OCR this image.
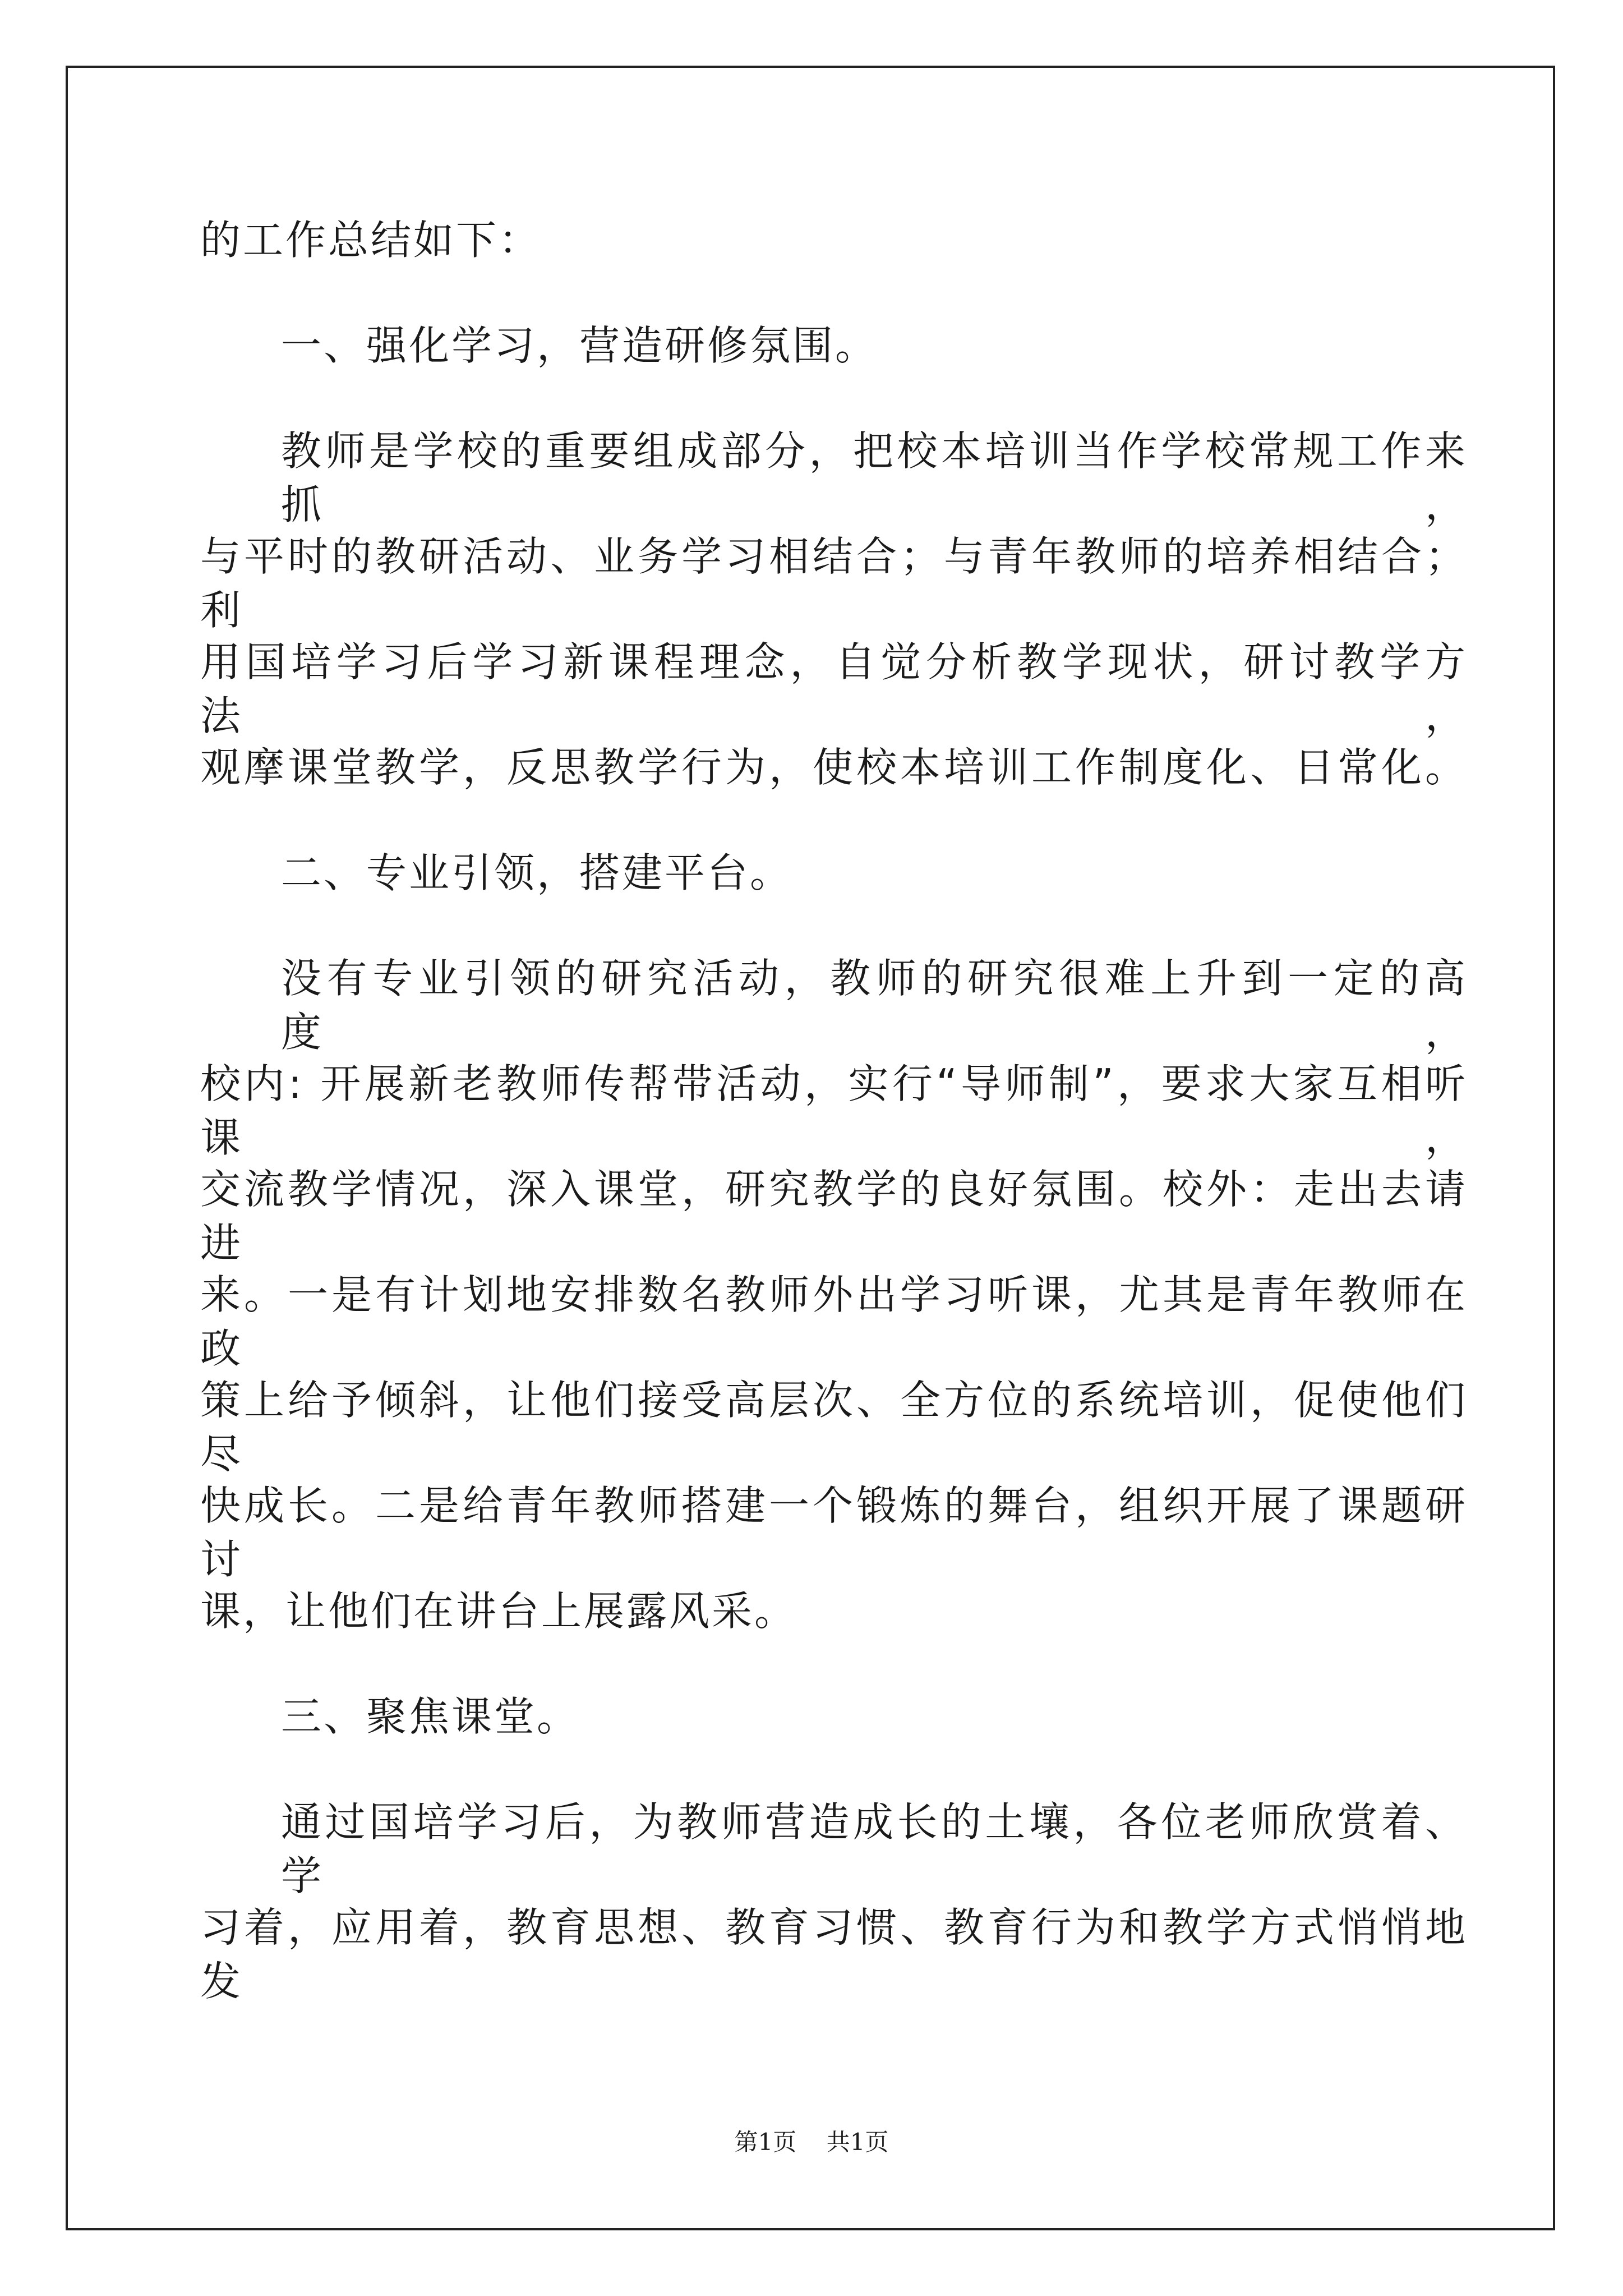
的工作总结如下：
一、强化学习，营造研修氛围。
教师是学校的重要组成部分，把校本培训当作学校常规工作来抓，
与平时的教研活动、业务学习相结合；与青年教师的培养相结合；利
用国培学习后学习新课程理念，自觉分析教学现状，研讨教学方法，
观摩课堂教学，反思教学行为，使校本培训工作制度化、日常化。
二、专业引领，搭建平台。
没有专业引领的研究活动，教师的研究很难上升到一定的高度，
校内: 开展新老教师传帮带活动，实行“导师制”，要求大家互相听课，
交流教学情况，深入课堂，研究教学的良好氛围。校外：走出去请进
来。一是有计划地安排数名教师外出学习听课，尤其是青年教师在政
策上给予倾斜，让他们接受高层次、全方位的系统培训，促使他们尽
快成长。二是给青年教师搭建一个锻炼的舞台，组织开展了课题研讨
课，让他们在讲台上展露风采。
三、聚焦课堂。
通过国培学习后，为教师营造成长的土壤，各位老师欣赏着、学
习着，应用着，教育思想、教育习惯、教育行为和教学方式悄悄地发
第1页 共1页
